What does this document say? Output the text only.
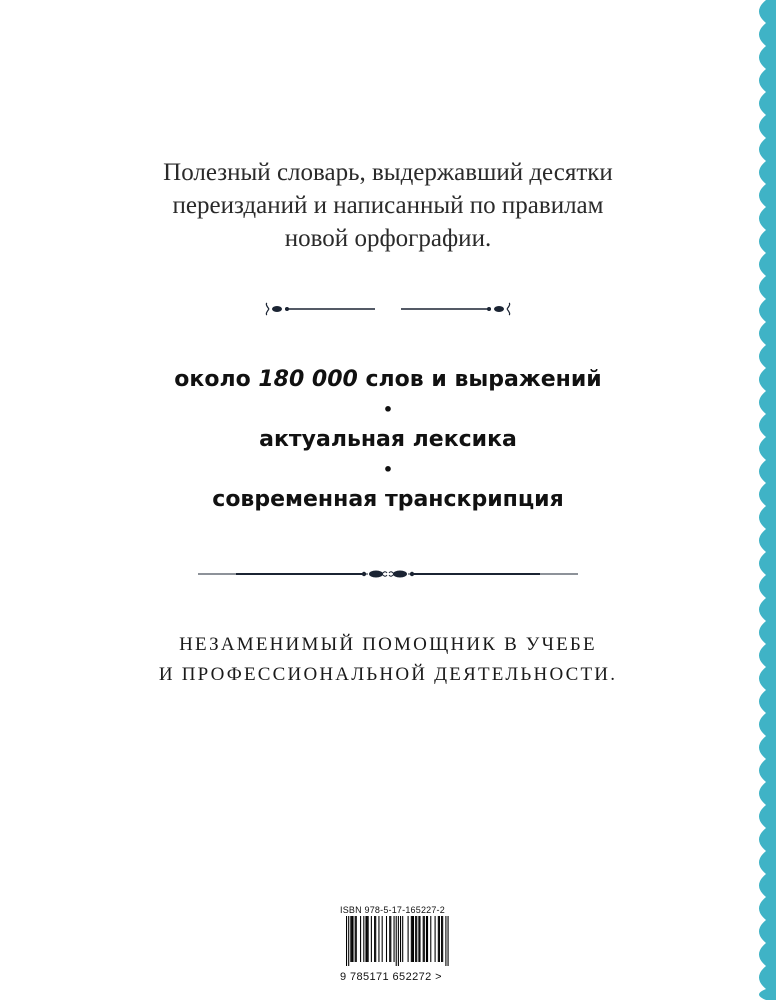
Полезный словарь, выдержавший десятки
переизданий и написанный по правилам
новой орфографии.
около 180 000 слов и выражений
•
актуальная лексика
•
современная транскрипция
НЕЗАМЕНИМЫЙ ПОМОЩНИК В УЧЕБЕ
И ПРОФЕССИОНАЛЬНОЙ ДЕЯТЕЛЬНОСТИ.
ISBN 978-5-17-165227-2
9 785171 652272 >
